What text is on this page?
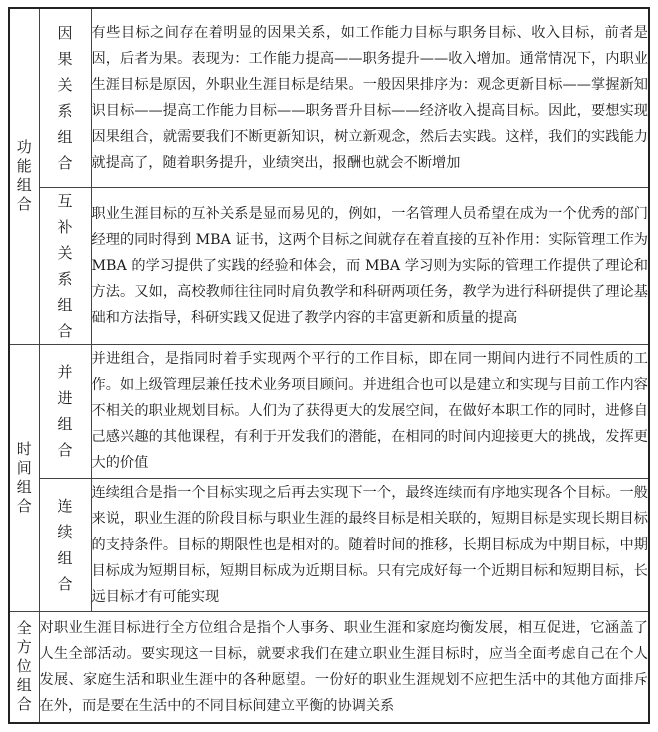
功能组合	因果关系组合	有些目标之间存在着明显的因果关系，如工作能力目标与职务目标、收入目标，前者是因，后者为果。表现为：工作能力提高——职务提升——收入增加。通常情况下，内职业生涯目标是原因，外职业生涯目标是结果。一般因果排序为：观念更新目标——掌握新知识目标——提高工作能力目标——职务晋升目标——经济收入提高目标。因此，要想实现因果组合，就需要我们不断更新知识，树立新观念，然后去实践。这样，我们的实践能力就提高了，随着职务提升，业绩突出，报酬也就会不断增加
	互补关系组合	职业生涯目标的互补关系是显而易见的，例如，一名管理人员希望在成为一个优秀的部门经理的同时得到 MBA 证书，这两个目标之间就存在着直接的互补作用：实际管理工作为 MBA 的学习提供了实践的经验和体会，而 MBA 学习则为实际的管理工作提供了理论和方法。又如，高校教师往往同时肩负教学和科研两项任务，教学为进行科研提供了理论基础和方法指导，科研实践又促进了教学内容的丰富更新和质量的提高
时间组合	并进组合	并进组合，是指同时着手实现两个平行的工作目标，即在同一期间内进行不同性质的工作。如上级管理层兼任技术业务项目顾问。并进组合也可以是建立和实现与目前工作内容不相关的职业规划目标。人们为了获得更大的发展空间，在做好本职工作的同时，进修自己感兴趣的其他课程，有利于开发我们的潜能，在相同的时间内迎接更大的挑战，发挥更大的价值
	连续组合	连续组合是指一个目标实现之后再去实现下一个，最终连续而有序地实现各个目标。一般来说，职业生涯的阶段目标与职业生涯的最终目标是相关联的，短期目标是实现长期目标的支持条件。目标的期限性也是相对的。随着时间的推移，长期目标成为中期目标，中期目标成为短期目标，短期目标成为近期目标。只有完成好每一个近期目标和短期目标，长远目标才有可能实现
全方位组合	对职业生涯目标进行全方位组合是指个人事务、职业生涯和家庭均衡发展，相互促进，它涵盖了人生全部活动。要实现这一目标，就要求我们在建立职业生涯目标时，应当全面考虑自己在个人发展、家庭生活和职业生涯中的各种愿望。一份好的职业生涯规划不应把生活中的其他方面排斥在外，而是要在生活中的不同目标间建立平衡的协调关系	
